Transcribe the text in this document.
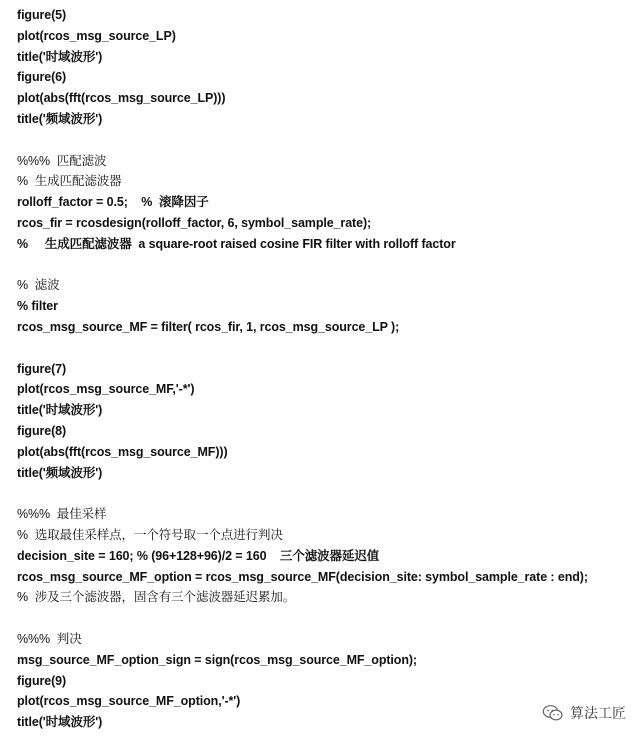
figure(5)
plot(rcos_msg_source_LP)
title('时域波形')
figure(6)
plot(abs(fft(rcos_msg_source_LP)))
title('频域波形')
%%%  匹配滤波
%  生成匹配滤波器
rolloff_factor = 0.5;    %  滚降因子
rcos_fir = rcosdesign(rolloff_factor, 6, symbol_sample_rate);
%     生成匹配滤波器  a square-root raised cosine FIR filter with rolloff factor
%  滤波
% filter
rcos_msg_source_MF = filter( rcos_fir, 1, rcos_msg_source_LP );
figure(7)
plot(rcos_msg_source_MF,'-*')
title('时域波形')
figure(8)
plot(abs(fft(rcos_msg_source_MF)))
title('频域波形')
%%%  最佳采样
%  选取最佳采样点，一个符号取一个点进行判决
decision_site = 160; % (96+128+96)/2 = 160    三个滤波器延迟值
rcos_msg_source_MF_option = rcos_msg_source_MF(decision_site: symbol_sample_rate : end);
%  涉及三个滤波器，固含有三个滤波器延迟累加。
%%%  判决
msg_source_MF_option_sign = sign(rcos_msg_source_MF_option);
figure(9)
plot(rcos_msg_source_MF_option,'-*')
title('时域波形')
算法工匠
